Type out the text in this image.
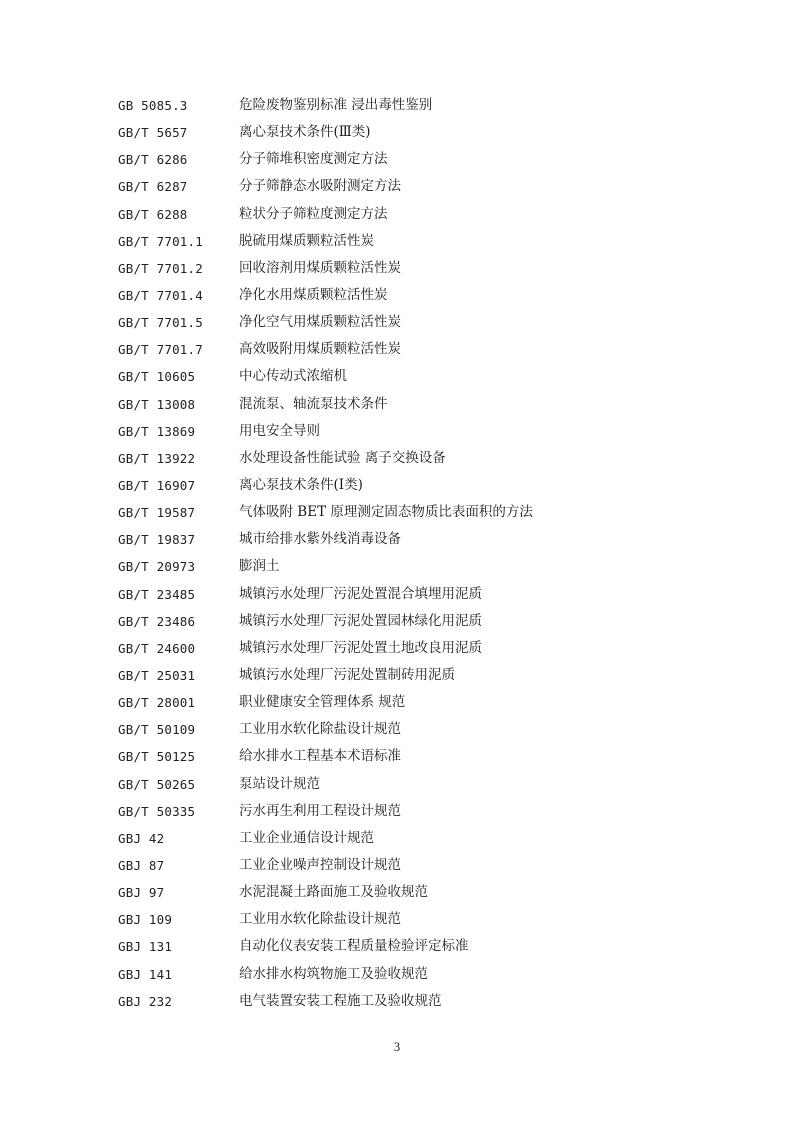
GB 5085.3	危险废物鉴别标准 浸出毒性鉴别
GB/T 5657	离心泵技术条件(Ⅲ类)
GB/T 6286	分子筛堆积密度测定方法
GB/T 6287	分子筛静态水吸附测定方法
GB/T 6288	粒状分子筛粒度测定方法
GB/T 7701.1	脱硫用煤质颗粒活性炭
GB/T 7701.2	回收溶剂用煤质颗粒活性炭
GB/T 7701.4	净化水用煤质颗粒活性炭
GB/T 7701.5	净化空气用煤质颗粒活性炭
GB/T 7701.7	高效吸附用煤质颗粒活性炭
GB/T 10605	中心传动式浓缩机
GB/T 13008	混流泵、轴流泵技术条件
GB/T 13869	用电安全导则
GB/T 13922	水处理设备性能试验 离子交换设备
GB/T 16907	离心泵技术条件(Ⅰ类)
GB/T 19587	气体吸附 BET 原理测定固态物质比表面积的方法
GB/T 19837	城市给排水紫外线消毒设备
GB/T 20973	膨润土
GB/T 23485	城镇污水处理厂污泥处置混合填埋用泥质
GB/T 23486	城镇污水处理厂污泥处置园林绿化用泥质
GB/T 24600	城镇污水处理厂污泥处置土地改良用泥质
GB/T 25031	城镇污水处理厂污泥处置制砖用泥质
GB/T 28001	职业健康安全管理体系 规范
GB/T 50109	工业用水软化除盐设计规范
GB/T 50125	给水排水工程基本术语标准
GB/T 50265	泵站设计规范
GB/T 50335	污水再生利用工程设计规范
GBJ 42	工业企业通信设计规范
GBJ 87	工业企业噪声控制设计规范
GBJ 97	水泥混凝土路面施工及验收规范
GBJ 109	工业用水软化除盐设计规范
GBJ 131	自动化仪表安装工程质量检验评定标准
GBJ 141	给水排水构筑物施工及验收规范
GBJ 232	电气装置安装工程施工及验收规范
3
